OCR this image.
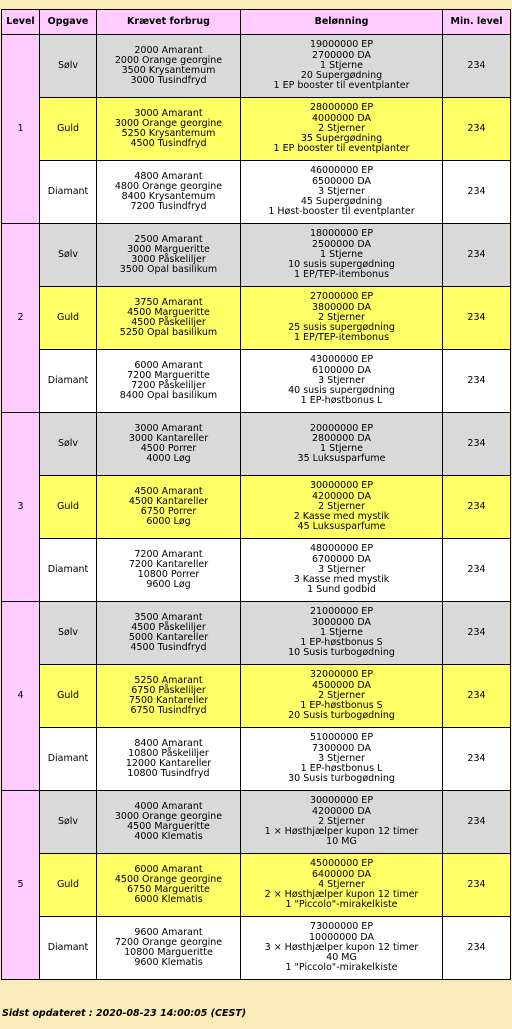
Level	Opgave	Krævet forbrug	Belønning	Min. level
1	Sølv	2000 Amarant
2000 Orange georgine
3500 Krysantemum
3000 Tusindfryd	19000000 EP
2700000 DA
1 Stjerne
20 Supergødning
1 EP booster til eventplanter	234
	Guld	3000 Amarant
3000 Orange georgine
5250 Krysantemum
4500 Tusindfryd	28000000 EP
4000000 DA
2 Stjerner
35 Supergødning
1 EP booster til eventplanter	234
	Diamant	4800 Amarant
4800 Orange georgine
8400 Krysantemum
7200 Tusindfryd	46000000 EP
6500000 DA
3 Stjerner
45 Supergødning
1 Høst-booster til eventplanter	234
2	Sølv	2500 Amarant
3000 Margueritte
3000 Påskeliljer
3500 Opal basilikum	18000000 EP
2500000 DA
1 Stjerne
10 susis supergødning
1 EP/TEP-itembonus	234
	Guld	3750 Amarant
4500 Margueritte
4500 Påskeliljer
5250 Opal basilikum	27000000 EP
3800000 DA
2 Stjerner
25 susis supergødning
1 EP/TEP-itembonus	234
	Diamant	6000 Amarant
7200 Margueritte
7200 Påskeliljer
8400 Opal basilikum	43000000 EP
6100000 DA
3 Stjerner
40 susis supergødning
1 EP-høstbonus L	234
3	Sølv	3000 Amarant
3000 Kantareller
4500 Porrer
4000 Løg	20000000 EP
2800000 DA
1 Stjerne
35 Luksusparfume	234
	Guld	4500 Amarant
4500 Kantareller
6750 Porrer
6000 Løg	30000000 EP
4200000 DA
2 Stjerner
2 Kasse med mystik
45 Luksusparfume	234
	Diamant	7200 Amarant
7200 Kantareller
10800 Porrer
9600 Løg	48000000 EP
6700000 DA
3 Stjerner
3 Kasse med mystik
1 Sund godbid	234
4	Sølv	3500 Amarant
4500 Påskeliljer
5000 Kantareller
4500 Tusindfryd	21000000 EP
3000000 DA
1 Stjerne
1 EP-høstbonus S
10 Susis turbogødning	234
	Guld	5250 Amarant
6750 Påskeliljer
7500 Kantareller
6750 Tusindfryd	32000000 EP
4500000 DA
2 Stjerner
1 EP-høstbonus S
20 Susis turbogødning	234
	Diamant	8400 Amarant
10800 Påskeliljer
12000 Kantareller
10800 Tusindfryd	51000000 EP
7300000 DA
3 Stjerner
1 EP-høstbonus L
30 Susis turbogødning	234
5	Sølv	4000 Amarant
3000 Orange georgine
4500 Margueritte
4000 Klematis	30000000 EP
4200000 DA
2 Stjerner
1 × Høsthjælper kupon 12 timer
10 MG	234
	Guld	6000 Amarant
4500 Orange georgine
6750 Margueritte
6000 Klematis	45000000 EP
6400000 DA
4 Stjerner
2 × Høsthjælper kupon 12 timer
1 "Piccolo"-mirakelkiste	234
	Diamant	9600 Amarant
7200 Orange georgine
10800 Margueritte
9600 Klematis	73000000 EP
10000000 DA
3 × Høsthjælper kupon 12 timer
40 MG
1 "Piccolo"-mirakelkiste	234
Sidst opdateret : 2020-08-23 14:00:05 (CEST)
